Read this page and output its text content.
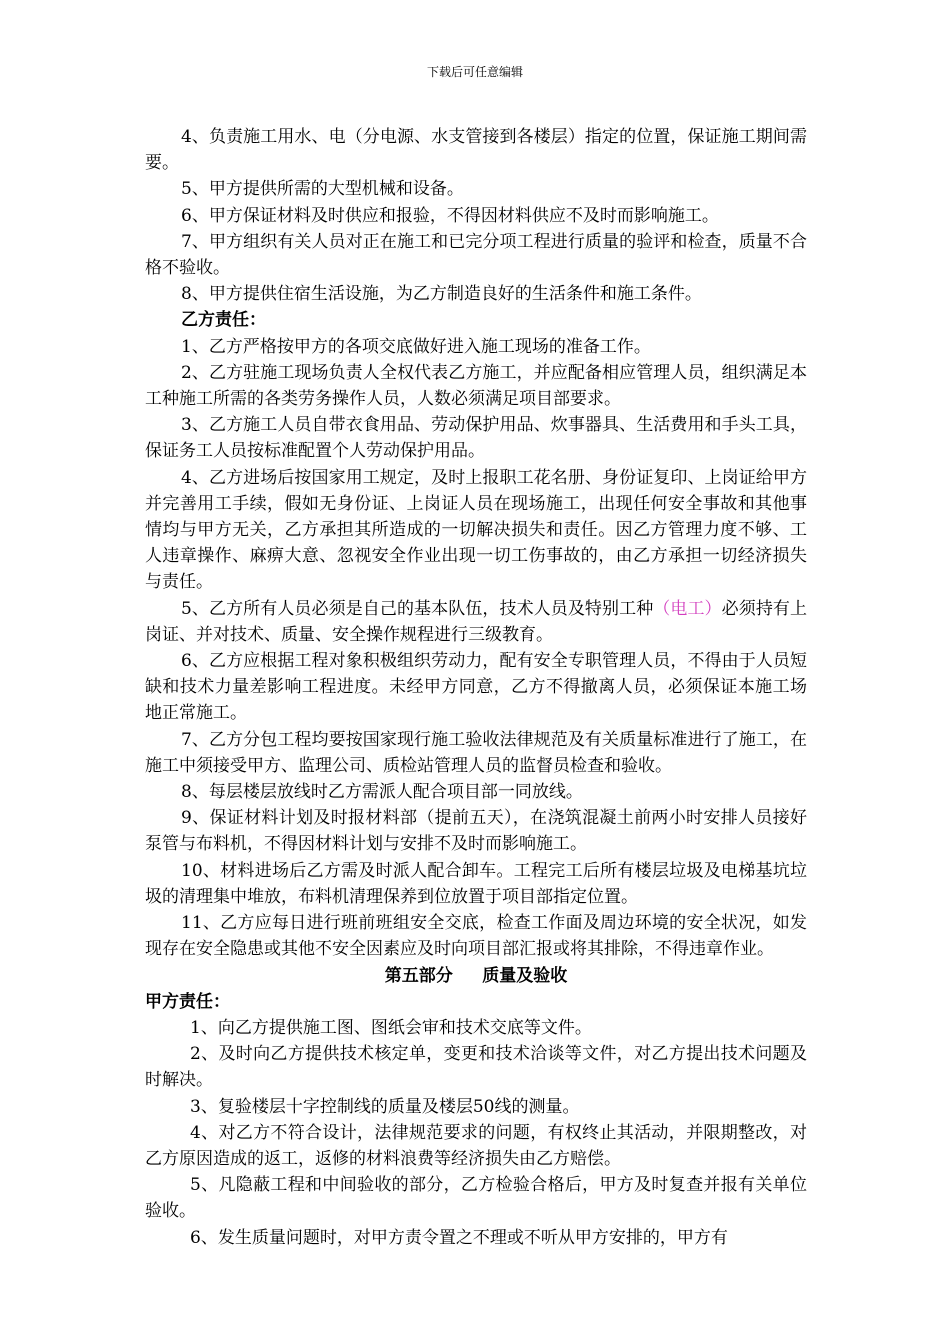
下载后可任意编辑

4、负责施工用水、电（分电源、水支管接到各楼层）指定的位置，保证施工期间需要。

5、甲方提供所需的大型机械和设备。

6、甲方保证材料及时供应和报验，不得因材料供应不及时而影响施工。

7、甲方组织有关人员对正在施工和已完分项工程进行质量的验评和检查，质量不合格不验收。

8、甲方提供住宿生活设施，为乙方制造良好的生活条件和施工条件。

乙方责任：

1、乙方严格按甲方的各项交底做好进入施工现场的准备工作。

2、乙方驻施工现场负责人全权代表乙方施工，并应配备相应管理人员，组织满足本工种施工所需的各类劳务操作人员，人数必须满足项目部要求。

3、乙方施工人员自带衣食用品、劳动保护用品、炊事器具、生活费用和手头工具，保证务工人员按标准配置个人劳动保护用品。

4、乙方进场后按国家用工规定，及时上报职工花名册、身份证复印、上岗证给甲方并完善用工手续，假如无身份证、上岗证人员在现场施工，出现任何安全事故和其他事情均与甲方无关，乙方承担其所造成的一切解决损失和责任。因乙方管理力度不够、工人违章操作、麻痹大意、忽视安全作业出现一切工伤事故的，由乙方承担一切经济损失与责任。

5、乙方所有人员必须是自己的基本队伍，技术人员及特别工种（电工）必须持有上岗证、并对技术、质量、安全操作规程进行三级教育。

6、乙方应根据工程对象积极组织劳动力，配有安全专职管理人员，不得由于人员短缺和技术力量差影响工程进度。未经甲方同意，乙方不得撤离人员，必须保证本施工场地正常施工。

7、乙方分包工程均要按国家现行施工验收法律规范及有关质量标准进行了施工，在施工中须接受甲方、监理公司、质检站管理人员的监督员检查和验收。

8、每层楼层放线时乙方需派人配合项目部一同放线。

9、保证材料计划及时报材料部（提前五天），在浇筑混凝土前两小时安排人员接好泵管与布料机，不得因材料计划与安排不及时而影响施工。

10、材料进场后乙方需及时派人配合卸车。工程完工后所有楼层垃圾及电梯基坑垃圾的清理集中堆放，布料机清理保养到位放置于项目部指定位置。

11、乙方应每日进行班前班组安全交底，检查工作面及周边环境的安全状况，如发现存在安全隐患或其他不安全因素应及时向项目部汇报或将其排除，不得违章作业。

第五部分 质量及验收

甲方责任：

1、向乙方提供施工图、图纸会审和技术交底等文件。

2、及时向乙方提供技术核定单，变更和技术洽谈等文件，对乙方提出技术问题及时解决。

3、复验楼层十字控制线的质量及楼层50线的测量。

4、对乙方不符合设计，法律规范要求的问题，有权终止其活动，并限期整改，对乙方原因造成的返工，返修的材料浪费等经济损失由乙方赔偿。

5、凡隐蔽工程和中间验收的部分，乙方检验合格后，甲方及时复查并报有关单位验收。

6、发生质量问题时，对甲方责令置之不理或不听从甲方安排的，甲方有
